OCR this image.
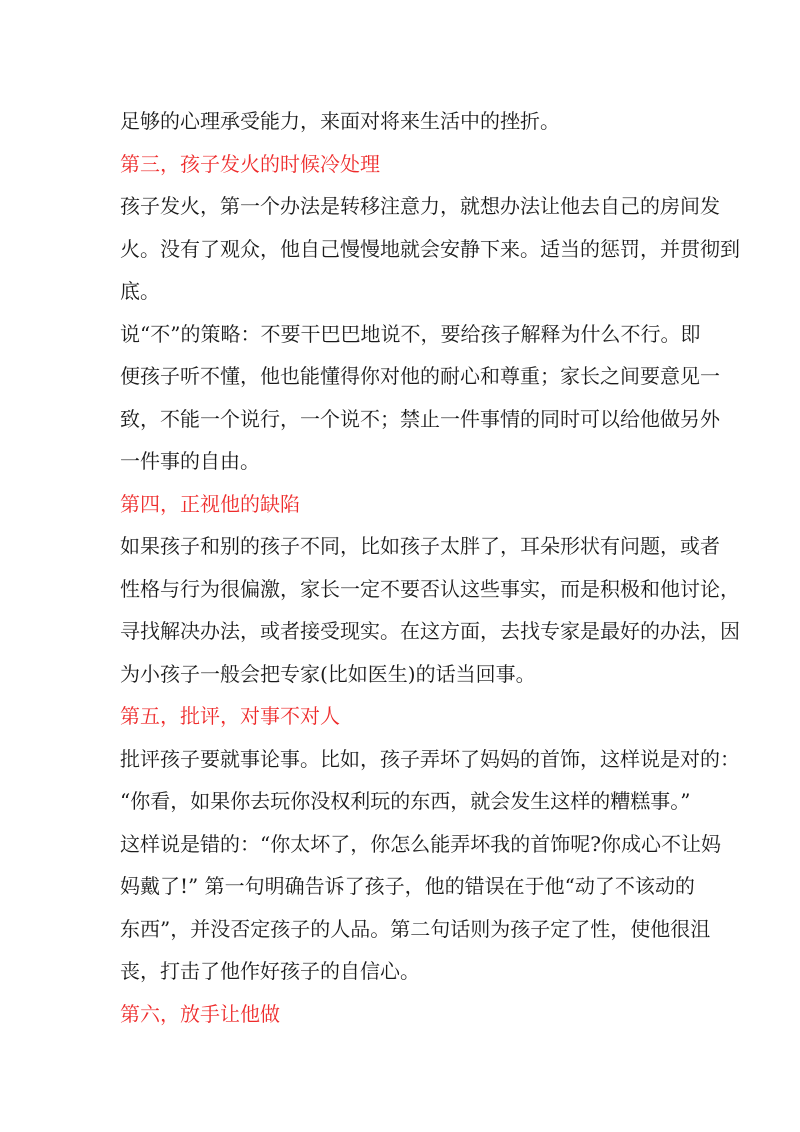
足够的心理承受能力，来面对将来生活中的挫折。
第三，孩子发火的时候冷处理
孩子发火，第一个办法是转移注意力，就想办法让他去自己的房间发
火。没有了观众，他自己慢慢地就会安静下来。适当的惩罚，并贯彻到
底。
说“不”的策略：不要干巴巴地说不，要给孩子解释为什么不行。即
便孩子听不懂，他也能懂得你对他的耐心和尊重；家长之间要意见一
致，不能一个说行，一个说不；禁止一件事情的同时可以给他做另外
一件事的自由。
第四，正视他的缺陷
如果孩子和别的孩子不同，比如孩子太胖了，耳朵形状有问题，或者
性格与行为很偏激，家长一定不要否认这些事实，而是积极和他讨论，
寻找解决办法，或者接受现实。在这方面，去找专家是最好的办法，因
为小孩子一般会把专家(比如医生)的话当回事。
第五，批评，对事不对人
批评孩子要就事论事。比如，孩子弄坏了妈妈的首饰，这样说是对的：
“你看，如果你去玩你没权利玩的东西，就会发生这样的糟糕事。”
这样说是错的：“你太坏了，你怎么能弄坏我的首饰呢?你成心不让妈
妈戴了!” 第一句明确告诉了孩子，他的错误在于他“动了不该动的
东西”，并没否定孩子的人品。第二句话则为孩子定了性，使他很沮
丧，打击了他作好孩子的自信心。
第六，放手让他做
